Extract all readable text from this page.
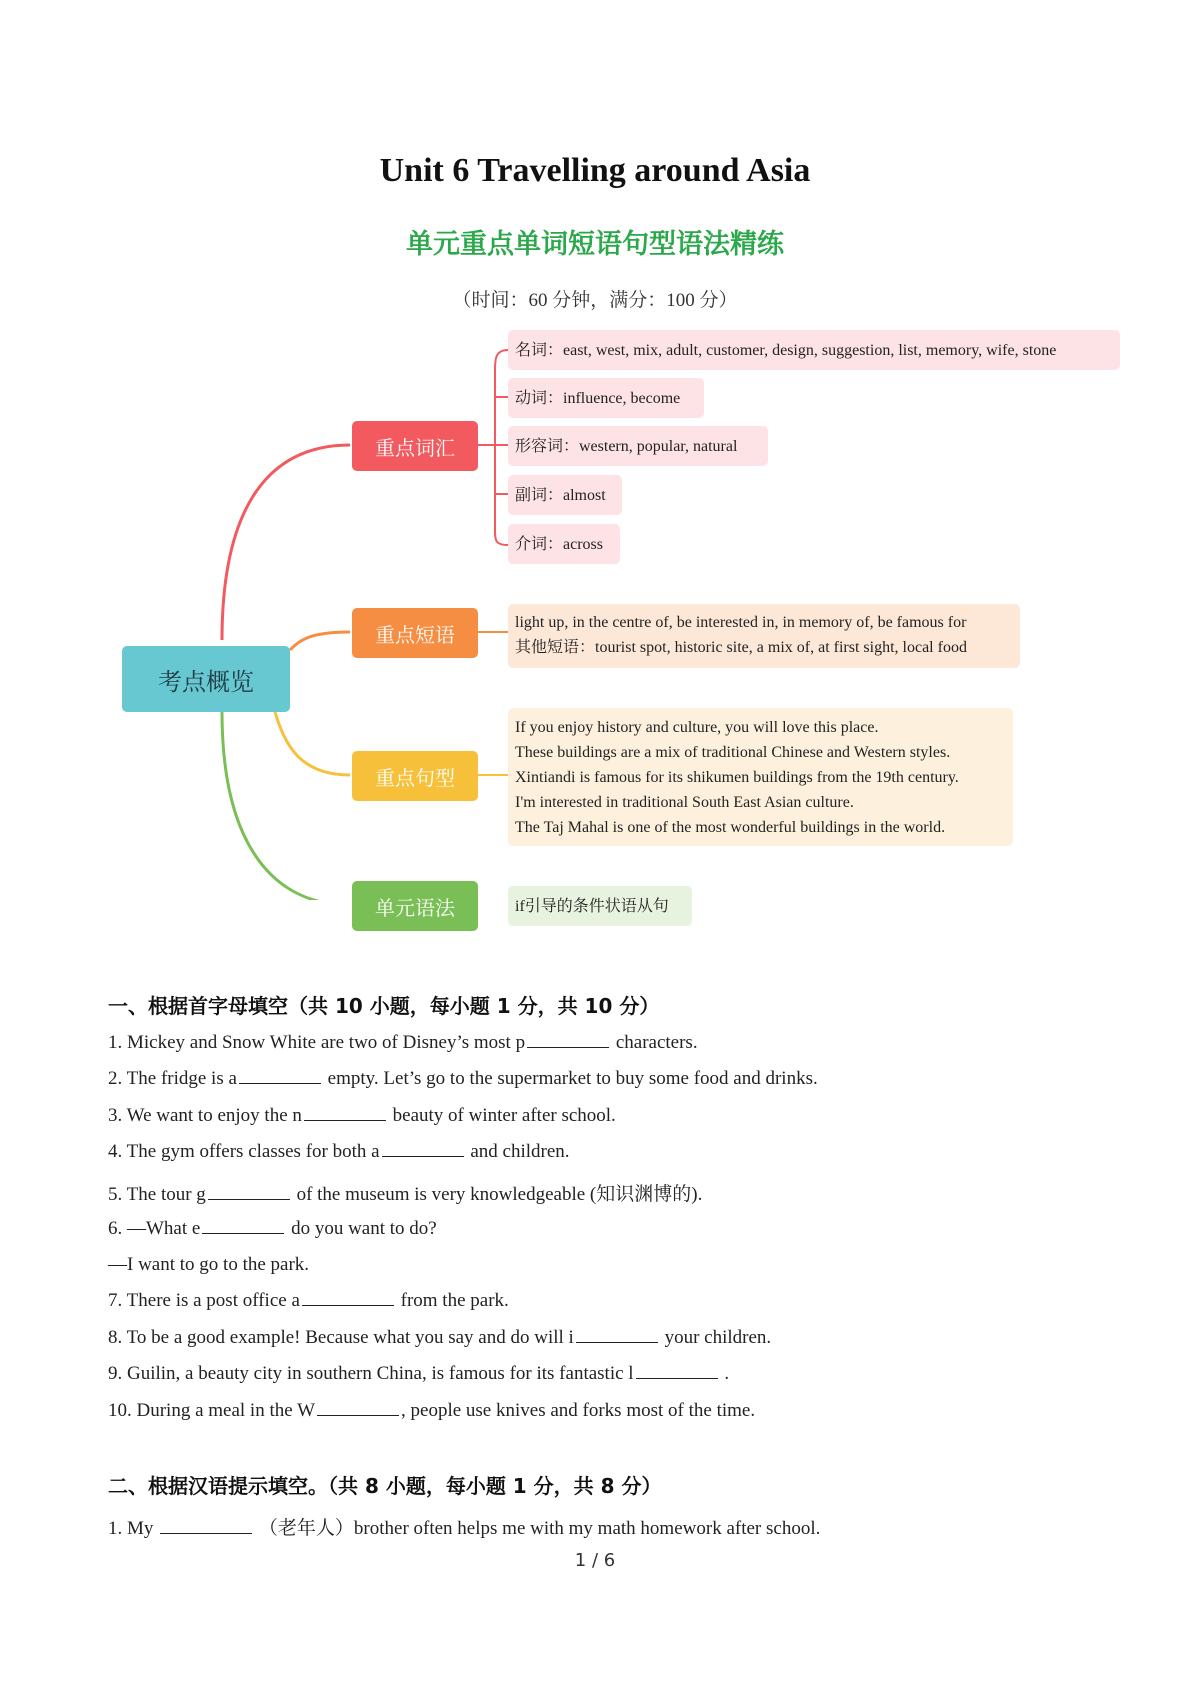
Unit 6 Travelling around Asia
单元重点单词短语句型语法精练
（时间：60 分钟，满分：100 分）
考点概览
重点词汇
重点短语
重点句型
单元语法
名词：east, west, mix, adult, customer, design, suggestion, list, memory, wife, stone
动词：influence, become
形容词：western, popular, natural
副词：almost
介词：across
light up, in the centre of, be interested in, in memory of, be famous for
其他短语：tourist spot, historic site, a mix of, at first sight, local food
If you enjoy history and culture, you will love this place.
These buildings are a mix of traditional Chinese and Western styles.
Xintiandi is famous for its shikumen buildings from the 19th century.
I'm interested in traditional South East Asian culture.
The Taj Mahal is one of the most wonderful buildings in the world.
if引导的条件状语从句
一、根据首字母填空（共 10 小题，每小题 1 分，共 10 分）
1. Mickey and Snow White are two of Disney’s most p	characters.
2. The fridge is a	empty. Let’s go to the supermarket to buy some food and drinks.
3. We want to enjoy the n	beauty of winter after school.
4. The gym offers classes for both a	and children.
5. The tour g	of the museum is very knowledgeable (知识渊博的).
6. —What e	do you want to do?
—I want to go to the park.
7. There is a post office a	from the park.
8. To be a good example! Because what you say and do will i	your children.
9. Guilin, a beauty city in southern China, is famous for its fantastic l	.
10. During a meal in the W	, people use knives and forks most of the time.
二、根据汉语提示填空。（共 8 小题，每小题 1 分，共 8 分）
1. My	（老年人）brother often helps me with my math homework after school.
1 / 6
